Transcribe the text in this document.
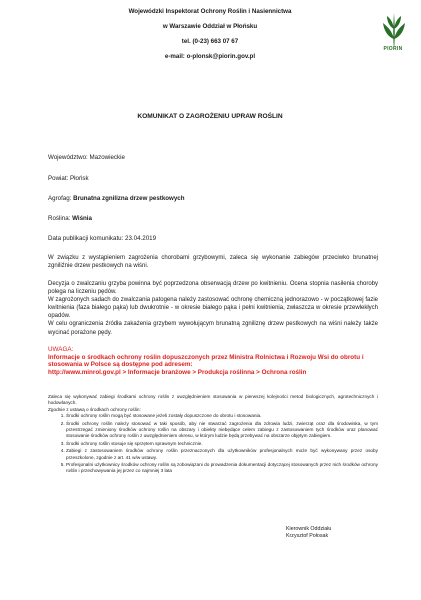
Wojewódzki Inspektorat Ochrony Roślin i Nasiennictwa
w Warszawie Oddział w Płońsku
tel. (0-23) 663 07 67
e-mail: o-plonsk@piorin.gov.pl
PIORIN
KOMUNIKAT O ZAGROŻENIU UPRAW ROŚLIN
Województwo: Mazowieckie
Powiat: Płońsk
Agrofag: Brunatna zgnilizna drzew pestkowych
Roślina: Wiśnia
Data publikacji komunikatu: 23.04.2019
W związku z wystąpieniem zagrożenia chorobami grzybowymi, zaleca się wykonanie zabiegów przeciwko brunatnej zgniliźnie drzew pestkowych na wiśni.
Decyzja o zwalczaniu grzyba powinna być poprzedzona obserwacją drzew po kwitnieniu. Ocena stopnia nasilenia choroby polega na liczeniu pędów.
W zagrożonych sadach do zwalczania patogena należy zastosować ochronę chemiczną jednorazowo - w początkowej fazie kwitnienia (faza białego pąka) lub dwukrotnie - w okresie białego pąka i pełni kwitnienia, zwłaszcza w okresie przewlekłych opadów.
W celu ograniczenia źródła zakażenia grzybem wywołującym brunatną zgniliznę drzew pestkowych na wiśni należy także wycinać porażone pędy.
UWAGA:
Informacje o środkach ochrony roślin dopuszczonych przez Ministra Rolnictwa i Rozwoju Wsi do obrotu i stosowania w Polsce są dostępne pod adresem:
http://www.minrol.gov.pl > Informacje branżowe > Produkcja roślinna > Ochrona roślin
Zaleca się wykonywać zabiegi środkami ochrony roślin z uwzględnieniem stosowania w pierwszej kolejności metod biologicznych, agrotechnicznych i hodowlanych.
Zgodnie z ustawą o środkach ochrony roślin:
1. Środki ochrony roślin mogą być stosowane jeżeli zostały dopuszczone do obrotu i stosowania.
2. Środki ochrony roślin należy stosować w taki sposób, aby nie stwarzać zagrożenia dla zdrowia ludzi, zwierząt oraz dla środowiska, w tym przestrzegać zmieniony środków ochrony roślin na obszary i obiekty niebędące celem zabiegu z zastosowaniem tych środków oraz planować stosowanie środków ochrony roślin z uwzględnieniem okresu, w którym ludzie będą przebywać na obszarze objętym zabiegiem.
3. Środki ochrony roślin stosuje się sprzętem sprawnym technicznie.
4. Zabiegi z zastosowaniem środków ochrony roślin przeznaczonych dla użytkowników profesjonalnych może być wykonywany przez osoby przeszkolone, zgodnie z art. 41 w/w ustawy.
5. Profesjonalni użytkownicy środków ochrony roślin są zobowiązani do prowadzenia dokumentacji dotyczącej stosowanych przez nich środków ochrony roślin i przechowywania jej przez co najmniej 3 lata
Kierownik Oddziału
Krzysztof Połosak
